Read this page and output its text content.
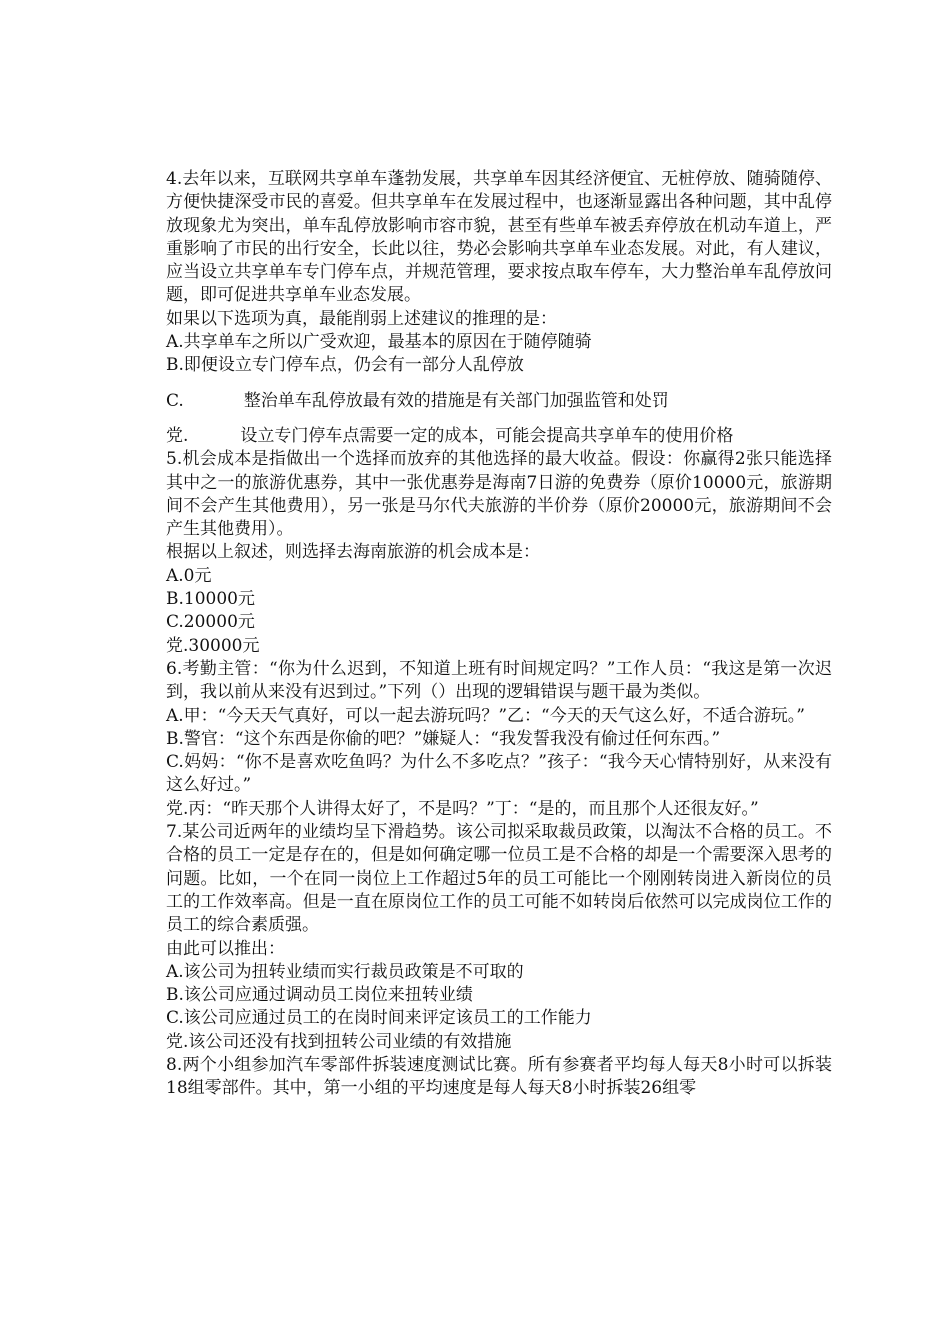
4.去年以来，互联网共享单车蓬勃发展，共享单车因其经济便宜、无桩停放、随骑随停、方便快捷深受市民的喜爱。但共享单车在发展过程中，也逐渐显露出各种问题，其中乱停放现象尤为突出，单车乱停放影响市容市貌，甚至有些单车被丢弃停放在机动车道上，严重影响了市民的出行安全，长此以往，势必会影响共享单车业态发展。对此，有人建议，应当设立共享单车专门停车点，并规范管理，要求按点取车停车，大力整治单车乱停放问题，即可促进共享单车业态发展。

如果以下选项为真，最能削弱上述建议的推理的是：

A.共享单车之所以广受欢迎，最基本的原因在于随停随骑

B.即便设立专门停车点，仍会有一部分人乱停放

C.	整治单车乱停放最有效的措施是有关部门加强监管和处罚

党.	设立专门停车点需要一定的成本，可能会提高共享单车的使用价格

5.机会成本是指做出一个选择而放弃的其他选择的最大收益。假设：你赢得2张只能选择其中之一的旅游优惠券，其中一张优惠券是海南7日游的免费券（原价10000元，旅游期间不会产生其他费用），另一张是马尔代夫旅游的半价券（原价20000元，旅游期间不会产生其他费用）。

根据以上叙述，则选择去海南旅游的机会成本是：

A.0元

B.10000元

C.20000元

党.30000元

6.考勤主管：“你为什么迟到，不知道上班有时间规定吗？”工作人员：“我这是第一次迟到，我以前从来没有迟到过。”下列（）出现的逻辑错误与题干最为类似。

A.甲：“今天天气真好，可以一起去游玩吗？”乙：“今天的天气这么好，不适合游玩。”

B.警官：“这个东西是你偷的吧？”嫌疑人：“我发誓我没有偷过任何东西。”

C.妈妈：“你不是喜欢吃鱼吗？为什么不多吃点？”孩子：“我今天心情特别好，从来没有这么好过。”

党.丙：“昨天那个人讲得太好了，不是吗？”丁：“是的，而且那个人还很友好。”

7.某公司近两年的业绩均呈下滑趋势。该公司拟采取裁员政策，以淘汰不合格的员工。不合格的员工一定是存在的，但是如何确定哪一位员工是不合格的却是一个需要深入思考的问题。比如，一个在同一岗位上工作超过5年的员工可能比一个刚刚转岗进入新岗位的员工的工作效率高。但是一直在原岗位工作的员工可能不如转岗后依然可以完成岗位工作的员工的综合素质强。

由此可以推出：

A.该公司为扭转业绩而实行裁员政策是不可取的

B.该公司应通过调动员工岗位来扭转业绩

C.该公司应通过员工的在岗时间来评定该员工的工作能力

党.该公司还没有找到扭转公司业绩的有效措施

8.两个小组参加汽车零部件拆装速度测试比赛。所有参赛者平均每人每天8小时可以拆装18组零部件。其中，第一小组的平均速度是每人每天8小时拆装26组零
